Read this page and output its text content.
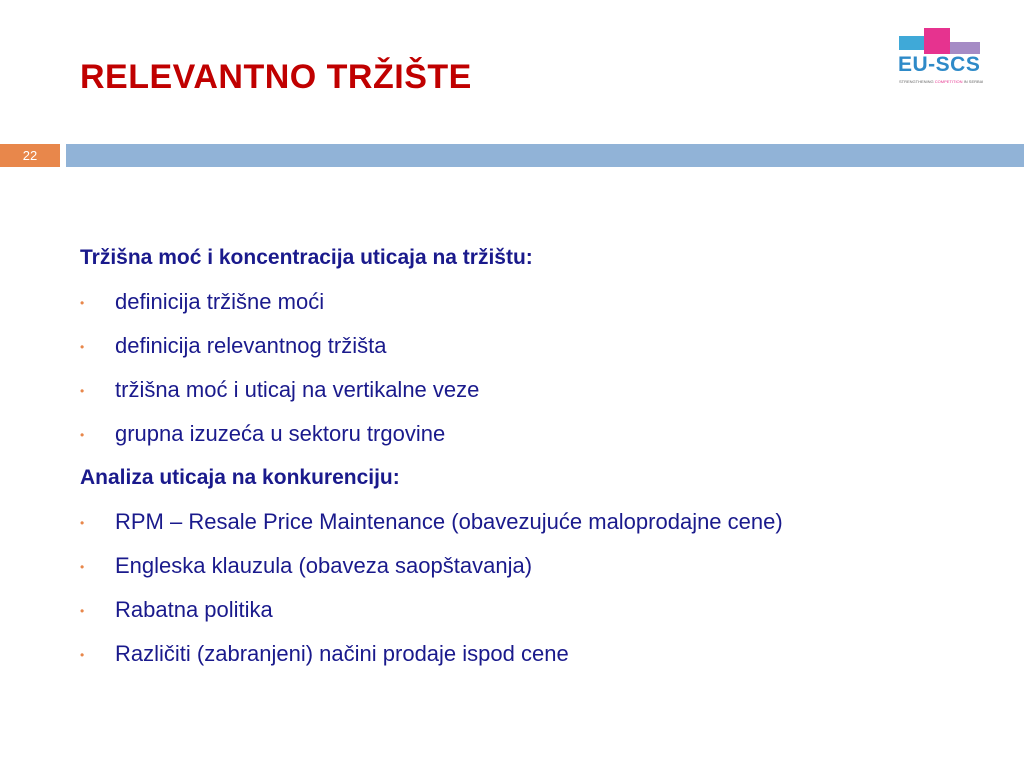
RELEVANTNO TRŽIŠTE	EU-SCS
STRENGTHENING COMPETITION IN SERBIA
22
Tržišna moć i koncentracija uticaja na tržištu:
• definicija tržišne moći
• definicija relevantnog tržišta
• tržišna moć i uticaj na vertikalne veze
• grupna izuzeća u sektoru trgovine
Analiza uticaja na konkurenciju:
• RPM – Resale Price Maintenance (obavezujuće maloprodajne cene)
• Engleska klauzula (obaveza saopštavanja)
• Rabatna politika
• Različiti (zabranjeni) načini prodaje ispod cene
